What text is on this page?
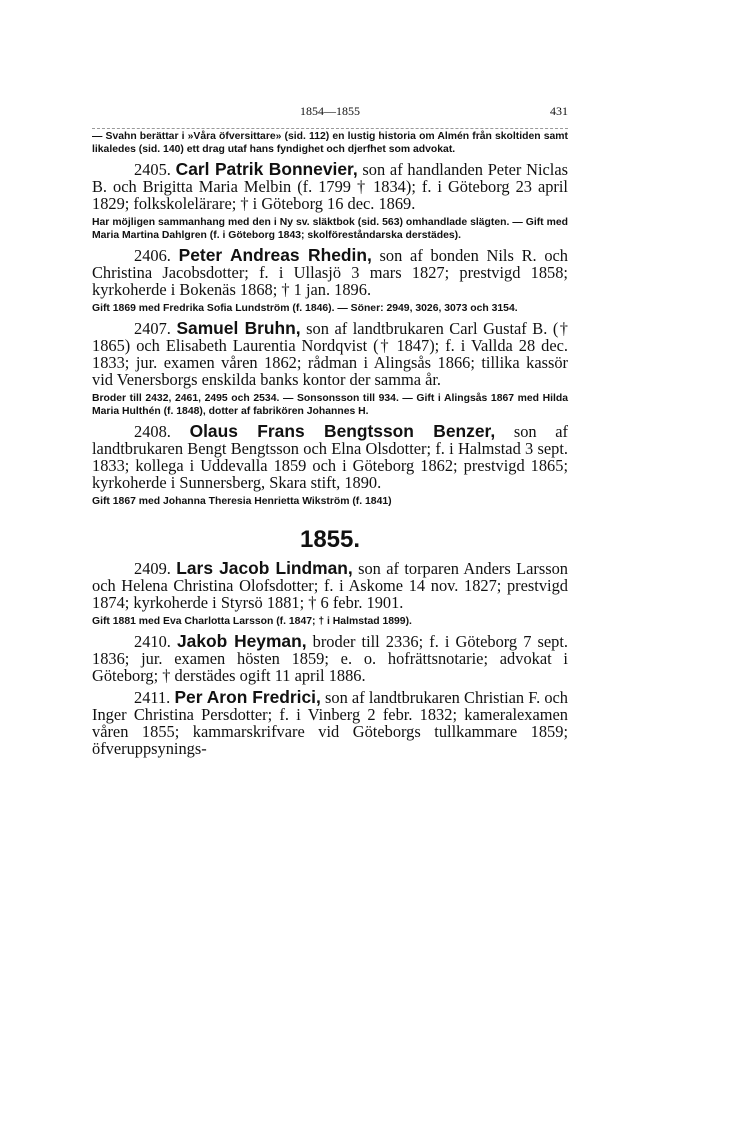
1854—1855	431

— Svahn berättar i »Våra öfversittare» (sid. 112) en lustig historia om Almén från skoltiden samt likaledes (sid. 140) ett drag utaf hans fyndighet och djerfhet som advokat.

2405. Carl Patrik Bonnevier, son af handlanden Peter Niclas B. och Brigitta Maria Melbin (f. 1799 † 1834); f. i Göteborg 23 april 1829; folkskolelärare; † i Göteborg 16 dec. 1869.

Har möjligen sammanhang med den i Ny sv. släktbok (sid. 563) omhandlade slägten. — Gift med Maria Martina Dahlgren (f. i Göteborg 1843; skolföreståndarska derstädes).

2406. Peter Andreas Rhedin, son af bonden Nils R. och Christina Jacobsdotter; f. i Ullasjö 3 mars 1827; prestvigd 1858; kyrkoherde i Bokenäs 1868; † 1 jan. 1896.

Gift 1869 med Fredrika Sofia Lundström (f. 1846). — Söner: 2949, 3026, 3073 och 3154.

2407. Samuel Bruhn, son af landtbrukaren Carl Gustaf B. († 1865) och Elisabeth Laurentia Nordqvist († 1847); f. i Vallda 28 dec. 1833; jur. examen våren 1862; rådman i Alingsås 1866; tillika kassör vid Venersborgs enskilda banks kontor der samma år.

Broder till 2432, 2461, 2495 och 2534. — Sonsonsson till 934. — Gift i Alingsås 1867 med Hilda Maria Hulthén (f. 1848), dotter af fabrikören Johannes H.

2408. Olaus Frans Bengtsson Benzer, son af landtbrukaren Bengt Bengtsson och Elna Olsdotter; f. i Halmstad 3 sept. 1833; kollega i Uddevalla 1859 och i Göteborg 1862; prestvigd 1865; kyrkoherde i Sunnersberg, Skara stift, 1890.

Gift 1867 med Johanna Theresia Henrietta Wikström (f. 1841)

1855.

2409. Lars Jacob Lindman, son af torparen Anders Larsson och Helena Christina Olofsdotter; f. i Askome 14 nov. 1827; prestvigd 1874; kyrkoherde i Styrsö 1881; † 6 febr. 1901.

Gift 1881 med Eva Charlotta Larsson (f. 1847; † i Halmstad 1899).

2410. Jakob Heyman, broder till 2336; f. i Göteborg 7 sept. 1836; jur. examen hösten 1859; e. o. hofrättsnotarie; advokat i Göteborg; † derstädes ogift 11 april 1886.

2411. Per Aron Fredrici, son af landtbrukaren Christian F. och Inger Christina Persdotter; f. i Vinberg 2 febr. 1832; kameralexamen våren 1855; kammarskrifvare vid Göteborgs tullkammare 1859; öfveruppsynings-
